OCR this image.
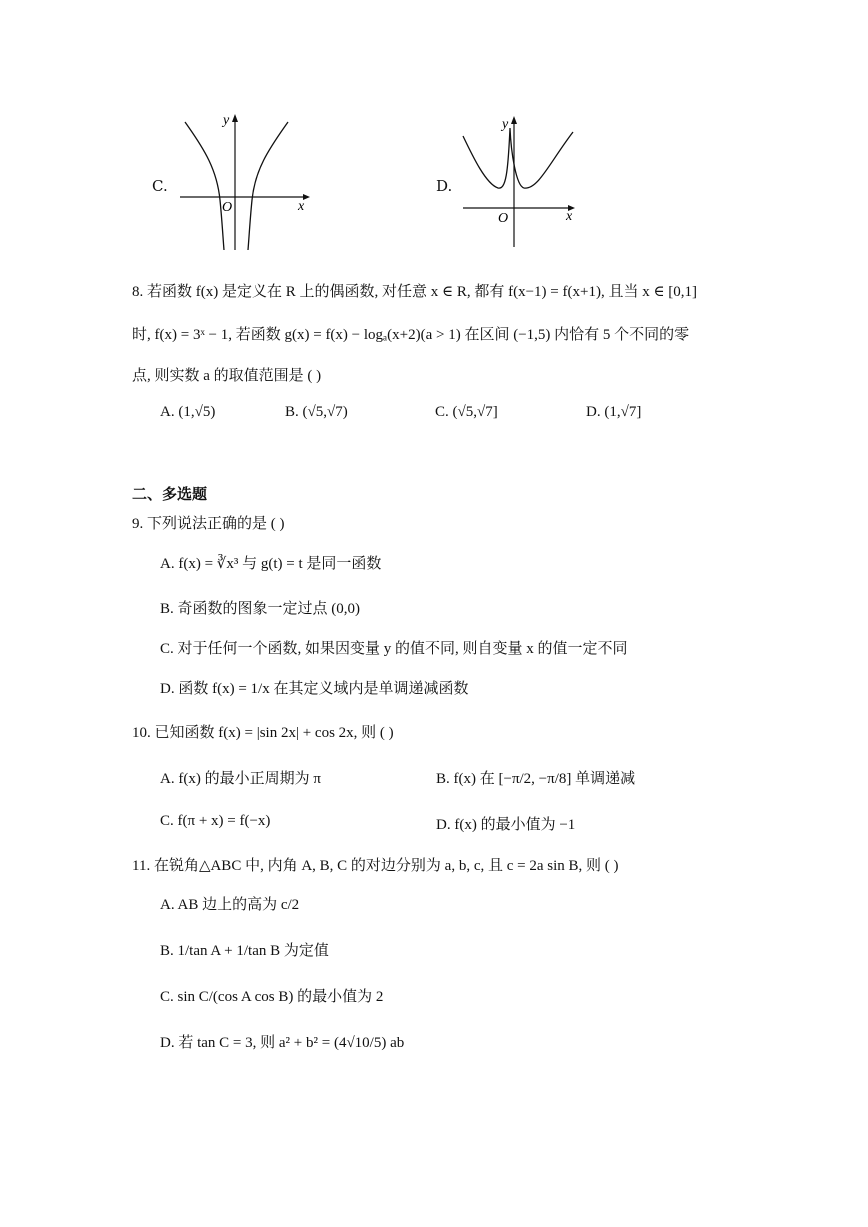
C.
x
y
O
D.
x
y
O
8. 若函数 f(x) 是定义在 R 上的偶函数, 对任意 x ∈ R, 都有 f(x−1) = f(x+1), 且当 x ∈ [0,1]
时, f(x) = 3ˣ − 1, 若函数 g(x) = f(x) − logₐ(x+2)(a > 1) 在区间 (−1,5) 内恰有 5 个不同的零
点, 则实数 a 的取值范围是 ( )
A. (1,√5)	B. (√5,√7)	C. (√5,√7]	D. (1,√7]
二、多选题
9. 下列说法正确的是 ( )
A. f(x) = ∛x³ 与 g(t) = t 是同一函数
B. 奇函数的图象一定过点 (0,0)
C. 对于任何一个函数, 如果因变量 y 的值不同, 则自变量 x 的值一定不同
D. 函数 f(x) = 1/x 在其定义域内是单调递减函数
10. 已知函数 f(x) = |sin 2x| + cos 2x, 则 ( )
A. f(x) 的最小正周期为 π	B. f(x) 在 [−π/2, −π/8] 单调递减
C. f(π + x) = f(−x)	D. f(x) 的最小值为 −1
11. 在锐角△ABC 中, 内角 A, B, C 的对边分别为 a, b, c, 且 c = 2a sin B, 则 ( )
A. AB 边上的高为 c/2
B. 1/tan A + 1/tan B 为定值
C. sin C/(cos A cos B) 的最小值为 2
D. 若 tan C = 3, 则 a² + b² = (4√10/5) ab
